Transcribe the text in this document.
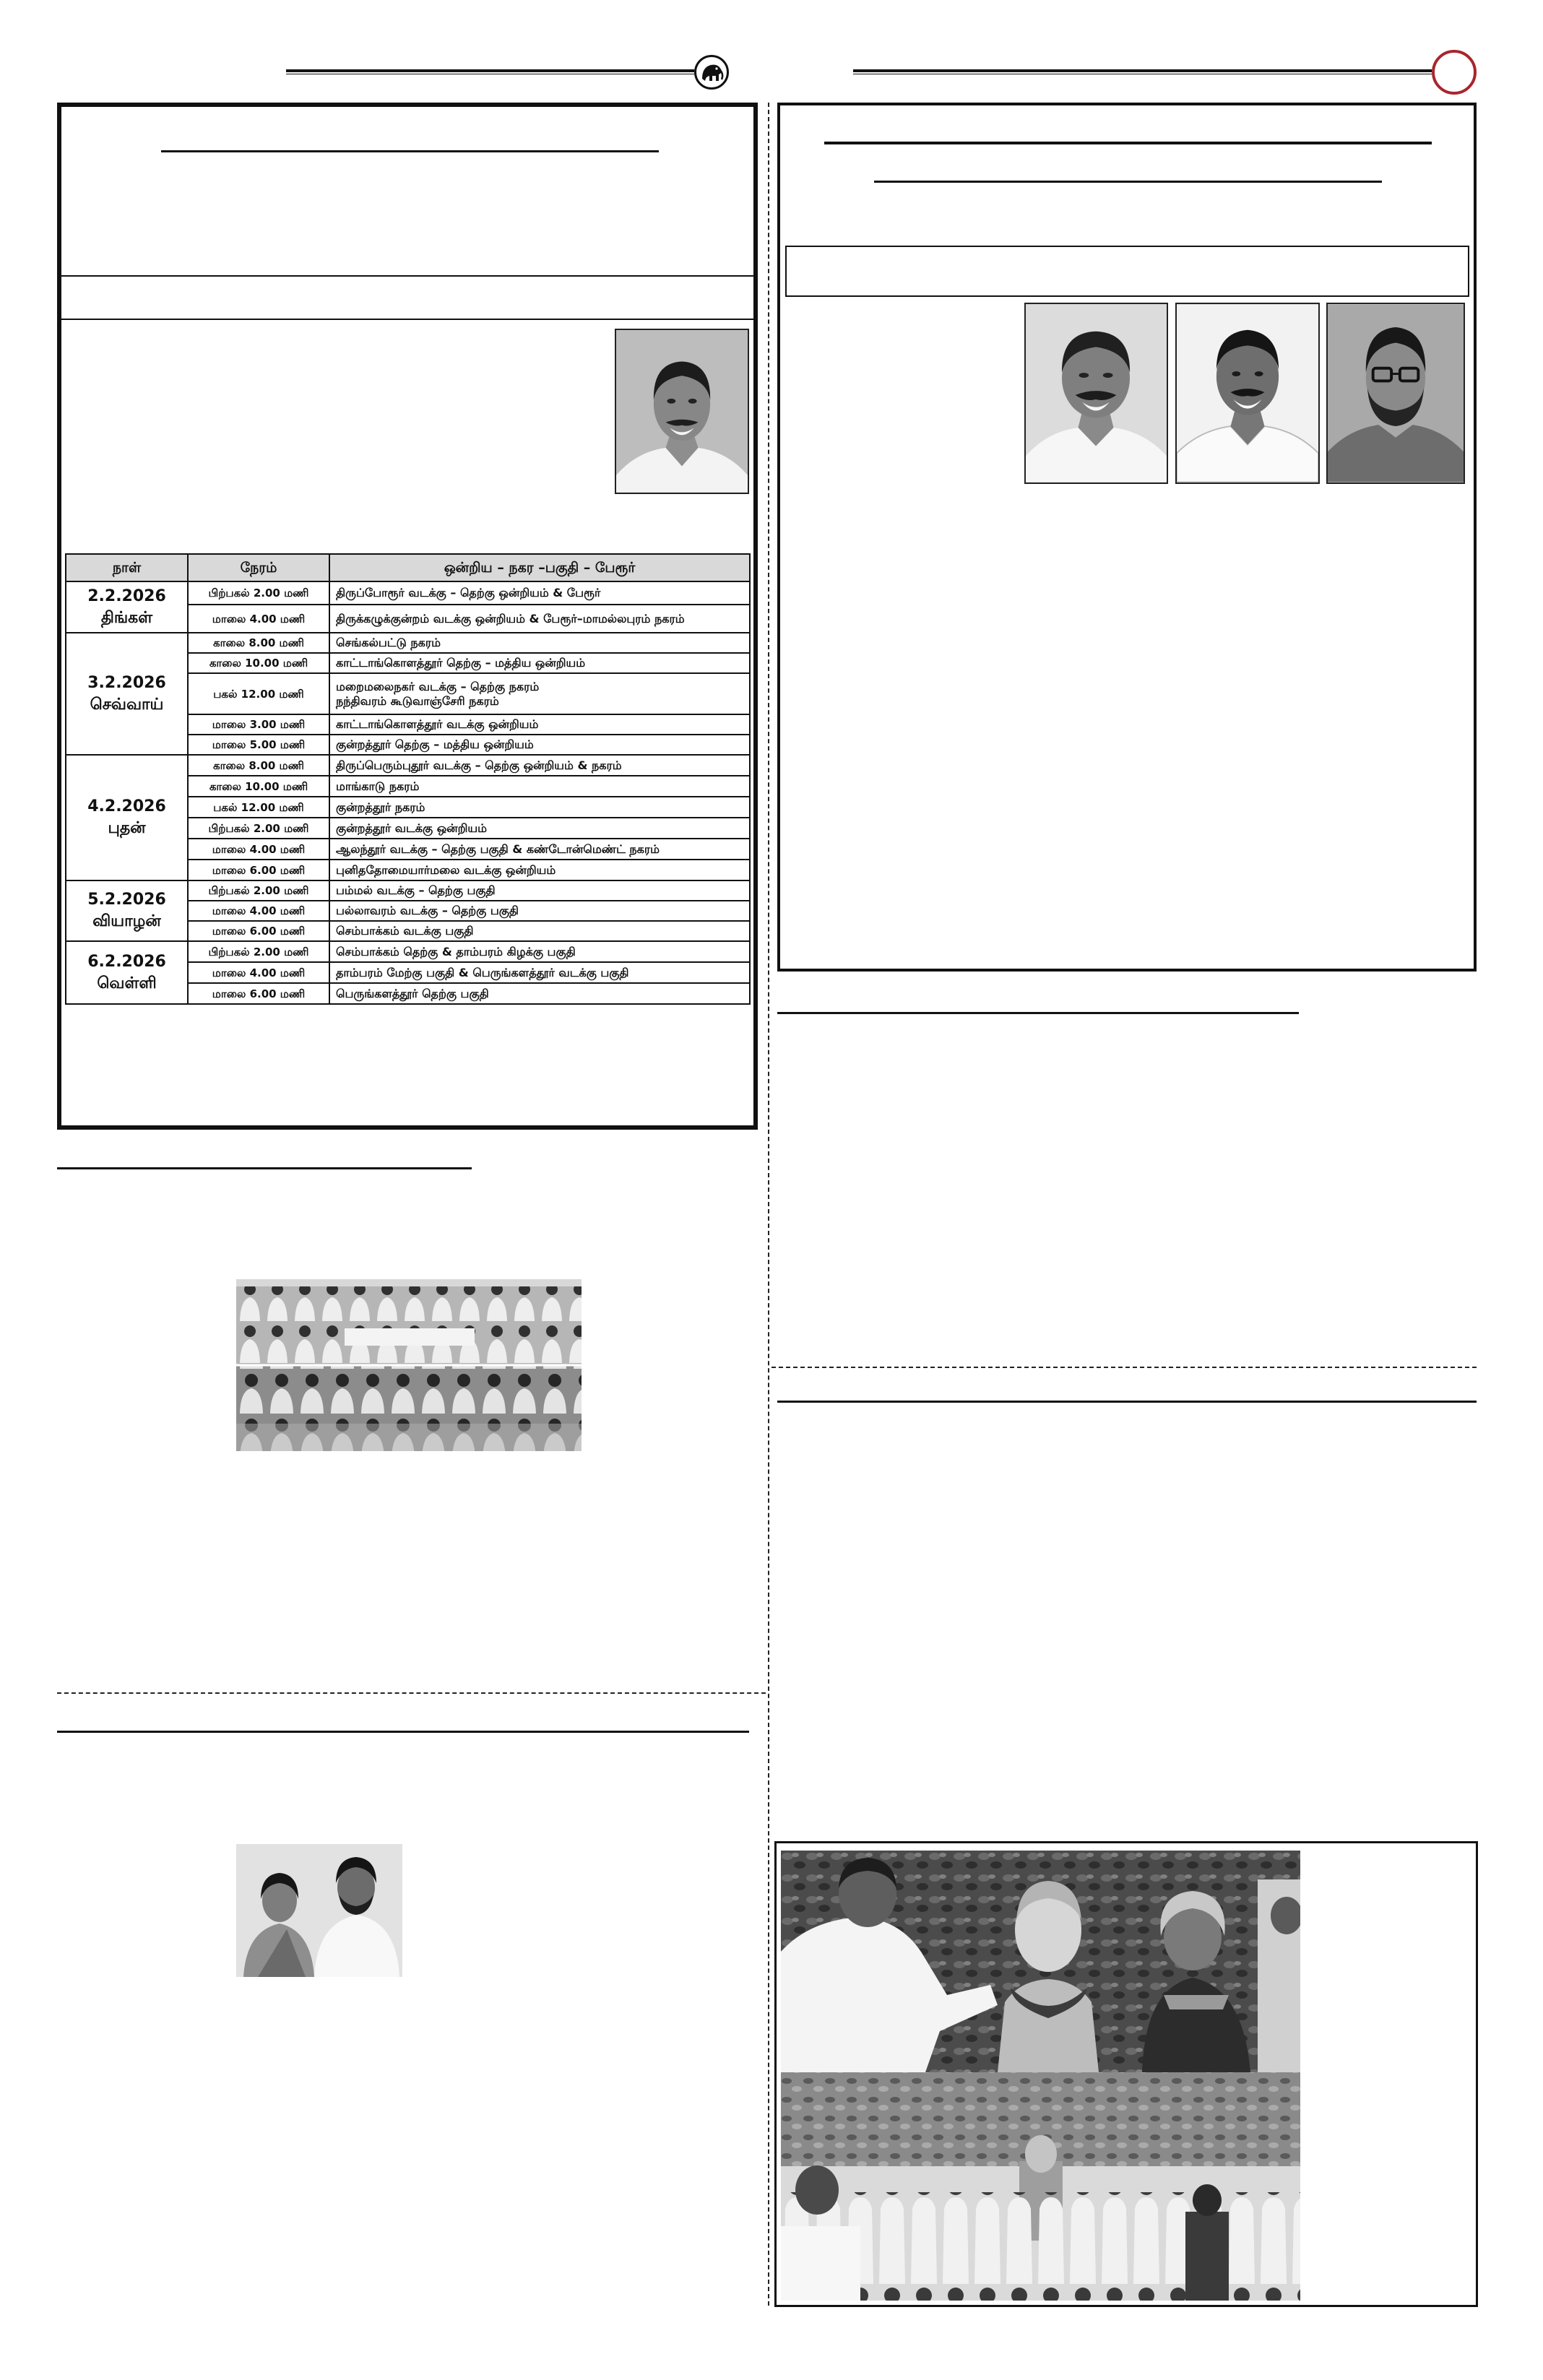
நாள்	நேரம்	ஒன்றிய – நகர –பகுதி – பேரூர்

2.2.2026
திங்கள்	பிற்பகல் 2.00 மணி	திருப்போரூர் வடக்கு – தெற்கு ஒன்றியம் & பேரூர்
	மாலை 4.00 மணி	திருக்கழுக்குன்றம் வடக்கு ஒன்றியம் & பேரூர்–மாமல்லபுரம் நகரம்

3.2.2026
செவ்வாய்	காலை 8.00 மணி	செங்கல்பட்டு நகரம்
	காலை 10.00 மணி	காட்டாங்கொளத்தூர் தெற்கு – மத்திய ஒன்றியம்
	பகல் 12.00 மணி	மறைமலைநகர் வடக்கு – தெற்கு நகரம்
நந்திவரம் கூடுவாஞ்சேரி நகரம்

	மாலை 3.00 மணி	காட்டாங்கொளத்தூர் வடக்கு ஒன்றியம்
	மாலை 5.00 மணி	குன்றத்தூர் தெற்கு – மத்திய ஒன்றியம்

4.2.2026
புதன்	காலை 8.00 மணி	திருப்பெரும்புதூர் வடக்கு – தெற்கு ஒன்றியம் & நகரம்
	காலை 10.00 மணி	மாங்காடு நகரம்
	பகல் 12.00 மணி	குன்றத்தூர் நகரம்
	பிற்பகல் 2.00 மணி	குன்றத்தூர் வடக்கு ஒன்றியம்
	மாலை 4.00 மணி	ஆலந்தூர் வடக்கு – தெற்கு பகுதி & கண்டோன்மெண்ட் நகரம்
	மாலை 6.00 மணி	புனிததோமையார்மலை வடக்கு ஒன்றியம்

5.2.2026
வியாழன்	பிற்பகல் 2.00 மணி	பம்மல் வடக்கு – தெற்கு பகுதி
	மாலை 4.00 மணி	பல்லாவரம் வடக்கு – தெற்கு பகுதி
	மாலை 6.00 மணி	செம்பாக்கம் வடக்கு பகுதி

6.2.2026
வெள்ளி	பிற்பகல் 2.00 மணி	செம்பாக்கம் தெற்கு & தாம்பரம் கிழக்கு பகுதி
	மாலை 4.00 மணி	தாம்பரம் மேற்கு பகுதி & பெருங்களத்தூர் வடக்கு பகுதி
	மாலை 6.00 மணி	பெருங்களத்தூர் தெற்கு பகுதி
